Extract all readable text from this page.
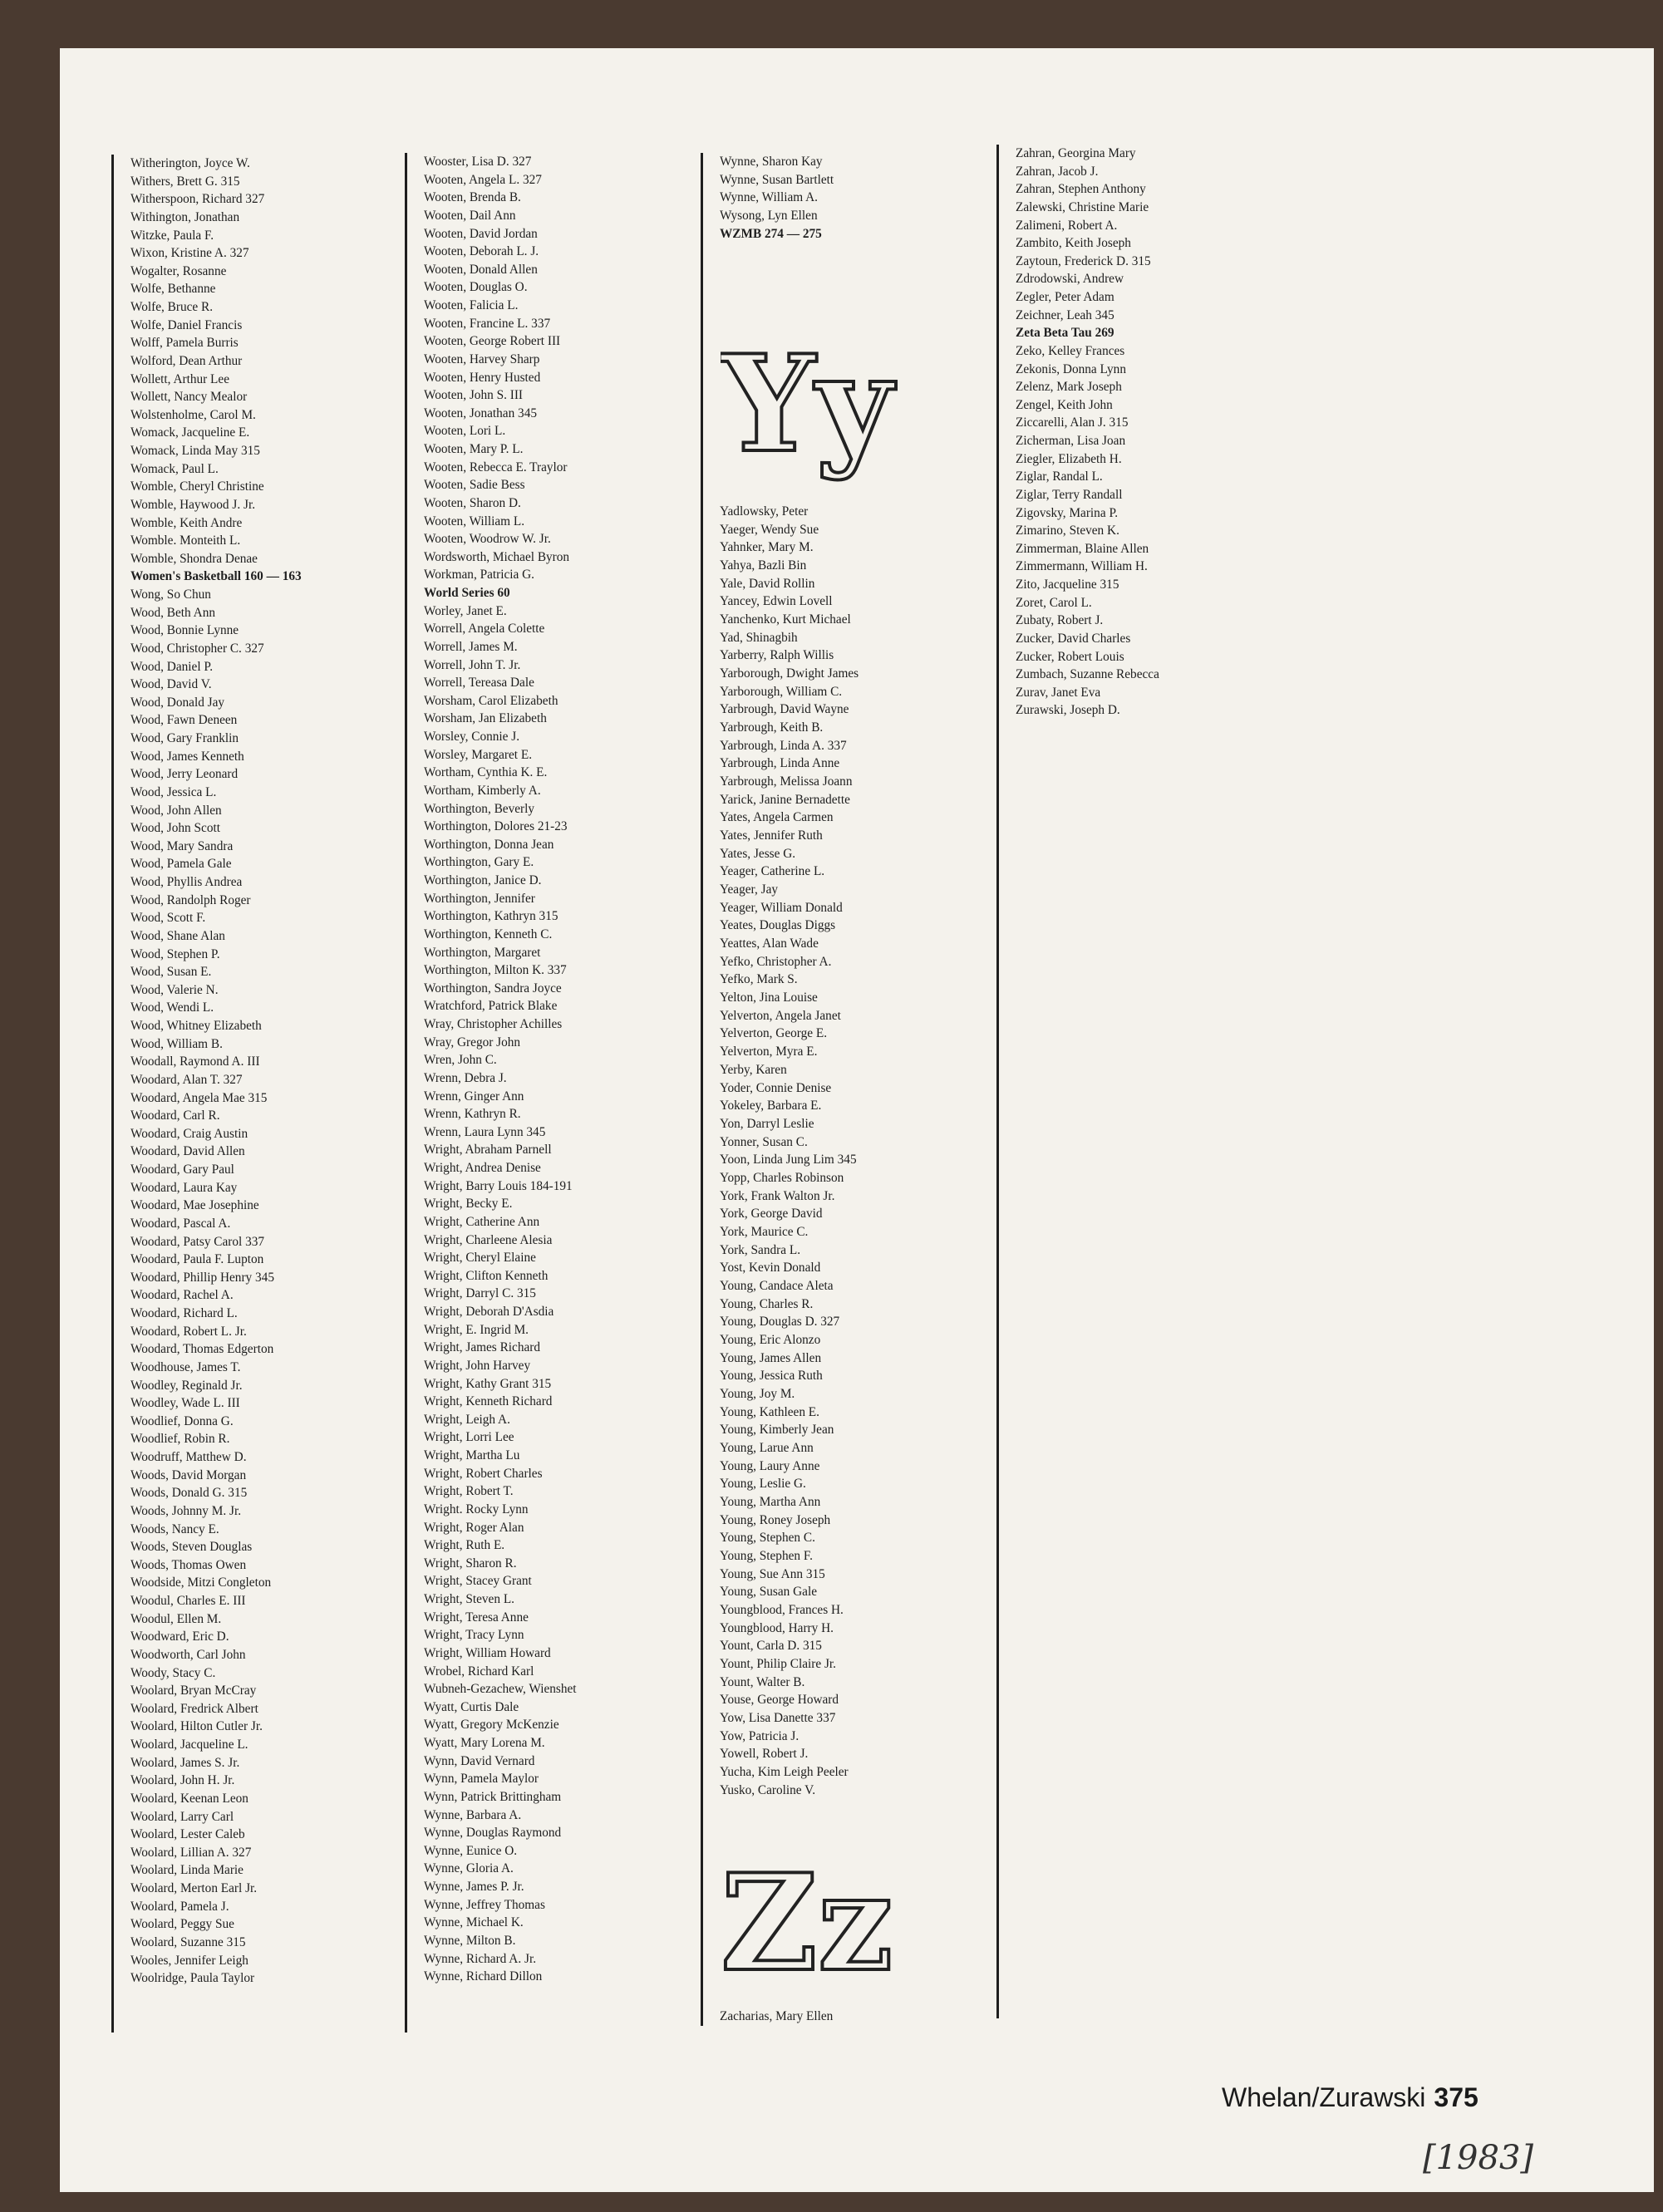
Witherington, Joyce W.
Withers, Brett G. 315
Witherspoon, Richard 327
Withington, Jonathan
Witzke, Paula F.
Wixon, Kristine A. 327
Wogalter, Rosanne
Wolfe, Bethanne
Wolfe, Bruce R.
Wolfe, Daniel Francis
Wolff, Pamela Burris
Wolford, Dean Arthur
Wollett, Arthur Lee
Wollett, Nancy Mealor
Wolstenholme, Carol M.
Womack, Jacqueline E.
Womack, Linda May 315
Womack, Paul L.
Womble, Cheryl Christine
Womble, Haywood J. Jr.
Womble, Keith Andre
Womble. Monteith L.
Womble, Shondra Denae
Women's Basketball 160 — 163
Wong, So Chun
Wood, Beth Ann
Wood, Bonnie Lynne
Wood, Christopher C. 327
Wood, Daniel P.
Wood, David V.
Wood, Donald Jay
Wood, Fawn Deneen
Wood, Gary Franklin
Wood, James Kenneth
Wood, Jerry Leonard
Wood, Jessica L.
Wood, John Allen
Wood, John Scott
Wood, Mary Sandra
Wood, Pamela Gale
Wood, Phyllis Andrea
Wood, Randolph Roger
Wood, Scott F.
Wood, Shane Alan
Wood, Stephen P.
Wood, Susan E.
Wood, Valerie N.
Wood, Wendi L.
Wood, Whitney Elizabeth
Wood, William B.
Woodall, Raymond A. III
Woodard, Alan T. 327
Woodard, Angela Mae 315
Woodard, Carl R.
Woodard, Craig Austin
Woodard, David Allen
Woodard, Gary Paul
Woodard, Laura Kay
Woodard, Mae Josephine
Woodard, Pascal A.
Woodard, Patsy Carol 337
Woodard, Paula F. Lupton
Woodard, Phillip Henry 345
Woodard, Rachel A.
Woodard, Richard L.
Woodard, Robert L. Jr.
Woodard, Thomas Edgerton
Woodhouse, James T.
Woodley, Reginald Jr.
Woodley, Wade L. III
Woodlief, Donna G.
Woodlief, Robin R.
Woodruff, Matthew D.
Woods, David Morgan
Woods, Donald G. 315
Woods, Johnny M. Jr.
Woods, Nancy E.
Woods, Steven Douglas
Woods, Thomas Owen
Woodside, Mitzi Congleton
Woodul, Charles E. III
Woodul, Ellen M.
Woodward, Eric D.
Woodworth, Carl John
Woody, Stacy C.
Woolard, Bryan McCray
Woolard, Fredrick Albert
Woolard, Hilton Cutler Jr.
Woolard, Jacqueline L.
Woolard, James S. Jr.
Woolard, John H. Jr.
Woolard, Keenan Leon
Woolard, Larry Carl
Woolard, Lester Caleb
Woolard, Lillian A. 327
Woolard, Linda Marie
Woolard, Merton Earl Jr.
Woolard, Pamela J.
Woolard, Peggy Sue
Woolard, Suzanne 315
Wooles, Jennifer Leigh
Woolridge, Paula Taylor
Wooster, Lisa D. 327
Wooten, Angela L. 327
Wooten, Brenda B.
Wooten, Dail Ann
Wooten, David Jordan
Wooten, Deborah L. J.
Wooten, Donald Allen
Wooten, Douglas O.
Wooten, Falicia L.
Wooten, Francine L. 337
Wooten, George Robert III
Wooten, Harvey Sharp
Wooten, Henry Husted
Wooten, John S. III
Wooten, Jonathan 345
Wooten, Lori L.
Wooten, Mary P. L.
Wooten, Rebecca E. Traylor
Wooten, Sadie Bess
Wooten, Sharon D.
Wooten, William L.
Wooten, Woodrow W. Jr.
Wordsworth, Michael Byron
Workman, Patricia G.
World Series 60
Worley, Janet E.
Worrell, Angela Colette
Worrell, James M.
Worrell, John T. Jr.
Worrell, Tereasa Dale
Worsham, Carol Elizabeth
Worsham, Jan Elizabeth
Worsley, Connie J.
Worsley, Margaret E.
Wortham, Cynthia K. E.
Wortham, Kimberly A.
Worthington, Beverly
Worthington, Dolores 21-23
Worthington, Donna Jean
Worthington, Gary E.
Worthington, Janice D.
Worthington, Jennifer
Worthington, Kathryn 315
Worthington, Kenneth C.
Worthington, Margaret
Worthington, Milton K. 337
Worthington, Sandra Joyce
Wratchford, Patrick Blake
Wray, Christopher Achilles
Wray, Gregor John
Wren, John C.
Wrenn, Debra J.
Wrenn, Ginger Ann
Wrenn, Kathryn R.
Wrenn, Laura Lynn 345
Wright, Abraham Parnell
Wright, Andrea Denise
Wright, Barry Louis 184-191
Wright, Becky E.
Wright, Catherine Ann
Wright, Charleene Alesia
Wright, Cheryl Elaine
Wright, Clifton Kenneth
Wright, Darryl C. 315
Wright, Deborah D'Asdia
Wright, E. Ingrid M.
Wright, James Richard
Wright, John Harvey
Wright, Kathy Grant 315
Wright, Kenneth Richard
Wright, Leigh A.
Wright, Lorri Lee
Wright, Martha Lu
Wright, Robert Charles
Wright, Robert T.
Wright. Rocky Lynn
Wright, Roger Alan
Wright, Ruth E.
Wright, Sharon R.
Wright, Stacey Grant
Wright, Steven L.
Wright, Teresa Anne
Wright, Tracy Lynn
Wright, William Howard
Wrobel, Richard Karl
Wubneh-Gezachew, Wienshet
Wyatt, Curtis Dale
Wyatt, Gregory McKenzie
Wyatt, Mary Lorena M.
Wynn, David Vernard
Wynn, Pamela Maylor
Wynn, Patrick Brittingham
Wynne, Barbara A.
Wynne, Douglas Raymond
Wynne, Eunice O.
Wynne, Gloria A.
Wynne, James P. Jr.
Wynne, Jeffrey Thomas
Wynne, Michael K.
Wynne, Milton B.
Wynne, Richard A. Jr.
Wynne, Richard Dillon
Wynne, Sharon Kay
Wynne, Susan Bartlett
Wynne, William A.
Wysong, Lyn Ellen
WZMB 274 — 275
Yy
Yadlowsky, Peter
Yaeger, Wendy Sue
Yahnker, Mary M.
Yahya, Bazli Bin
Yale, David Rollin
Yancey, Edwin Lovell
Yanchenko, Kurt Michael
Yad, Shinagbih
Yarberry, Ralph Willis
Yarborough, Dwight James
Yarborough, William C.
Yarbrough, David Wayne
Yarbrough, Keith B.
Yarbrough, Linda A. 337
Yarbrough, Linda Anne
Yarbrough, Melissa Joann
Yarick, Janine Bernadette
Yates, Angela Carmen
Yates, Jennifer Ruth
Yates, Jesse G.
Yeager, Catherine L.
Yeager, Jay
Yeager, William Donald
Yeates, Douglas Diggs
Yeattes, Alan Wade
Yefko, Christopher A.
Yefko, Mark S.
Yelton, Jina Louise
Yelverton, Angela Janet
Yelverton, George E.
Yelverton, Myra E.
Yerby, Karen
Yoder, Connie Denise
Yokeley, Barbara E.
Yon, Darryl Leslie
Yonner, Susan C.
Yoon, Linda Jung Lim 345
Yopp, Charles Robinson
York, Frank Walton Jr.
York, George David
York, Maurice C.
York, Sandra L.
Yost, Kevin Donald
Young, Candace Aleta
Young, Charles R.
Young, Douglas D. 327
Young, Eric Alonzo
Young, James Allen
Young, Jessica Ruth
Young, Joy M.
Young, Kathleen E.
Young, Kimberly Jean
Young, Larue Ann
Young, Laury Anne
Young, Leslie G.
Young, Martha Ann
Young, Roney Joseph
Young, Stephen C.
Young, Stephen F.
Young, Sue Ann 315
Young, Susan Gale
Youngblood, Frances H.
Youngblood, Harry H.
Yount, Carla D. 315
Yount, Philip Claire Jr.
Yount, Walter B.
Youse, George Howard
Yow, Lisa Danette 337
Yow, Patricia J.
Yowell, Robert J.
Yucha, Kim Leigh Peeler
Yusko, Caroline V.
Zz
Zacharias, Mary Ellen
Zahran, Georgina Mary
Zahran, Jacob J.
Zahran, Stephen Anthony
Zalewski, Christine Marie
Zalimeni, Robert A.
Zambito, Keith Joseph
Zaytoun, Frederick D. 315
Zdrodowski, Andrew
Zegler, Peter Adam
Zeichner, Leah 345
Zeta Beta Tau 269
Zeko, Kelley Frances
Zekonis, Donna Lynn
Zelenz, Mark Joseph
Zengel, Keith John
Ziccarelli, Alan J. 315
Zicherman, Lisa Joan
Ziegler, Elizabeth H.
Ziglar, Randal L.
Ziglar, Terry Randall
Zigovsky, Marina P.
Zimarino, Steven K.
Zimmerman, Blaine Allen
Zimmermann, William H.
Zito, Jacqueline 315
Zoret, Carol L.
Zubaty, Robert J.
Zucker, David Charles
Zucker, Robert Louis
Zumbach, Suzanne Rebecca
Zurav, Janet Eva
Zurawski, Joseph D.
Whelan/Zurawski 375
[1983]
